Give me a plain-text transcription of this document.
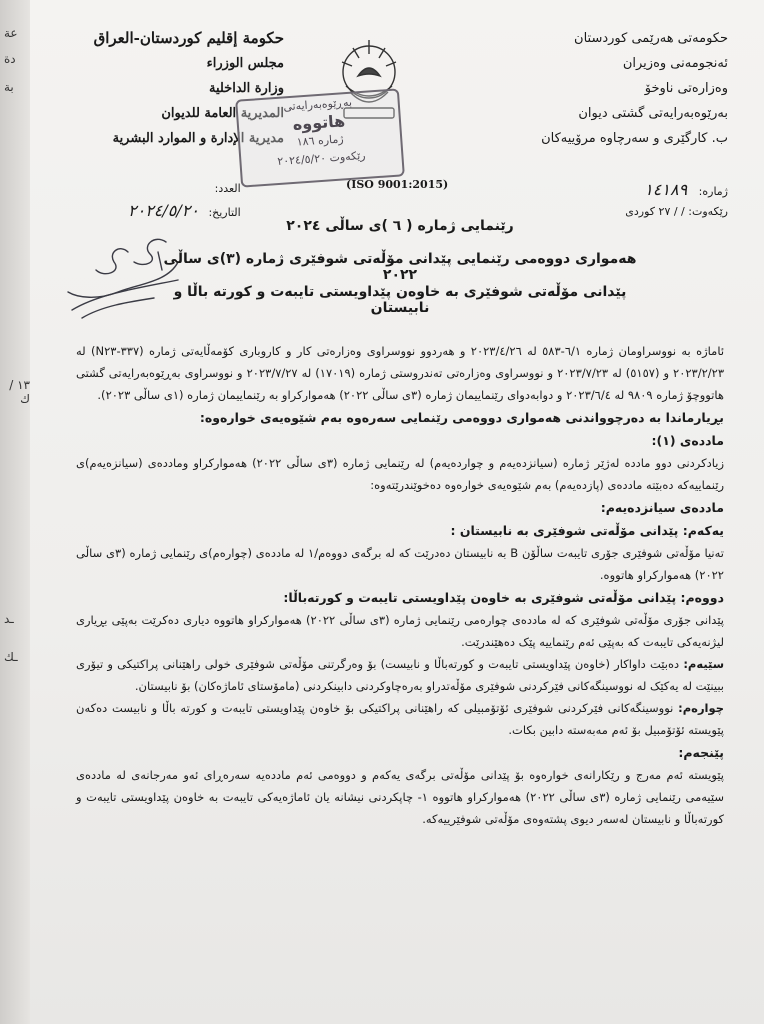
عة
دة
بة
١٣ / ك
ـد
ـك
حکومەتی هەرێمی کوردستان
ئەنجومەنی وەزیران
وەزارەتی ناوخۆ
بەرێوەبەرایەتی گشتی دیوان
ب. کارگێری و سەرچاوە مرۆییەکان
حكومة إقليم كوردستان-العراق
مجلس الوزراء
وزارة الداخلية
المديرية العامة للديوان
مديرية الإدارة و الموارد البشرية
بەڕێوەبەرایەتی
هاتووه
ژمارە ١٨٦
رێکەوت ٢٠٢٤/٥/٢٠
(ISO 9001:2015)
ژمارە: ١٤١٨٩
رێکەوت: / / ٢٧ کوردی
العدد:
التاريخ: ٢٠٢٤/٥/٢٠
رێنمایی ژمارە ( ٦ )ی ساڵی ٢٠٢٤
هەمواری دووەمی رێنمایی پێدانی مۆڵەتی شوفێری ژمارە (٣)ی ساڵی ٢٠٢٢
پێدانی مۆڵەتی شوفێری بە خاوەن پێداویستی تایبەت و کورتە باڵا و نابیستان

ئاماژە بە نووسراومان ژمارە ٦/١-٥٨٣ لە ٢٠٢٣/٤/٢٦ و هەردوو نووسراوی وەزارەتی کار و کاروباری کۆمەڵایەتی ژمارە (٣٣٧-N٢٣) لە ٢٠٢٣/٢/٢٣ و (٥١٥٧) لە ٢٠٢٣/٧/٢٣ و نووسراوی وەزارەتی تەندروستی ژمارە (١٧٠١٩) لە ٢٠٢٣/٧/٢٧ و نووسراوی بەڕێوەبەرایەتی گشتی هاتووچۆ ژمارە ٩٨٠٩ لە ٢٠٢٣/٦/٤ و دوابەدوای رێنماییمان ژمارە (٣ی ساڵی ٢٠٢٢) هەموارکراو بە رێنماییمان ژمارە (١ی ساڵی ٢٠٢٣).

بڕیارماندا بە دەرچوواندنی هەمواری دووەمی رێنمایی سەرەوە بەم شێوەیەی خوارەوە:

ماددەی (١):

زیادکردنی دوو ماددە لەژێر ژمارە (سیانزدەیەم و چواردەیەم) لە رێنمایی ژمارە (٣ی ساڵی ٢٠٢٢) هەموارکراو وماددەی (سیانزەیەم)ی رێنماییەکە دەبێتە ماددەی (پازدەیەم) بەم شێوەیەی خوارەوە دەخوێندرێتەوە:

ماددەی سیانزدەیەم:

یەکەم: پێدانی مۆڵەتی شوفێری بە نابیستان :

تەنیا مۆڵەتی شوفێری جۆری تایبەت ساڵۆن B بە نابیستان دەدرێت کە لە برگەی دووەم/١ لە ماددەی (چوارەم)ی رێنمایی ژمارە (٣ی ساڵی ٢٠٢٢) هەموارکراو هاتووە.

دووەم: پێدانی مۆڵەتی شوفێری بە خاوەن پێداویستی تایبەت و کورتەباڵا:

پێدانی جۆری مۆڵەتی شوفێری کە لە ماددەی چوارەمی رێنمایی ژمارە (٣ی ساڵی ٢٠٢٢) هەموارکراو هاتووە دیاری دەکرێت بەپێی بڕیاری لیژنەیەکی تایبەت کە بەپێی ئەم رێنماییە پێک دەهێندرێت.

سێیەم: دەبێت داواکار (خاوەن پێداویستی تایبەت و کورتەباڵا و نابیست) بۆ وەرگرتنی مۆڵەتی شوفێری خولی راهێنانی پراکتیکی و تیۆری ببینێت لە یەکێک لە نووسینگەکانی فێرکردنی شوفێری مۆڵەتدراو بەرەچاوکردنی دابینکردنی (مامۆستای ئاماژەکان) بۆ نابیستان.

چوارەم: نووسینگەکانی فێرکردنی شوفێری ئۆتۆمبیلی کە راهێنانی پراکتیکی بۆ خاوەن پێداویستی تایبەت و کورتە باڵا و نابیست دەکەن پێویستە ئۆتۆمبیل بۆ ئەم مەبەستە دابین بکات.

پێنجەم:

پێویستە ئەم مەرج و رێکارانەی خوارەوە بۆ پێدانی مۆڵەتی برگەی یەکەم و دووەمی ئەم ماددەیە سەرەڕای ئەو مەرجانەی لە ماددەی سێیەمی رێنمایی ژمارە (٣ی ساڵی ٢٠٢٢) هەموارکراو هاتووە ١- چاپکردنی نیشانە یان ئاماژەیەکی تایبەت بە خاوەن پێداویستی تایبەت و کورتەباڵا و نابیستان لەسەر دیوی پشتەوەی مۆڵەتی شوفێرییەکە.
